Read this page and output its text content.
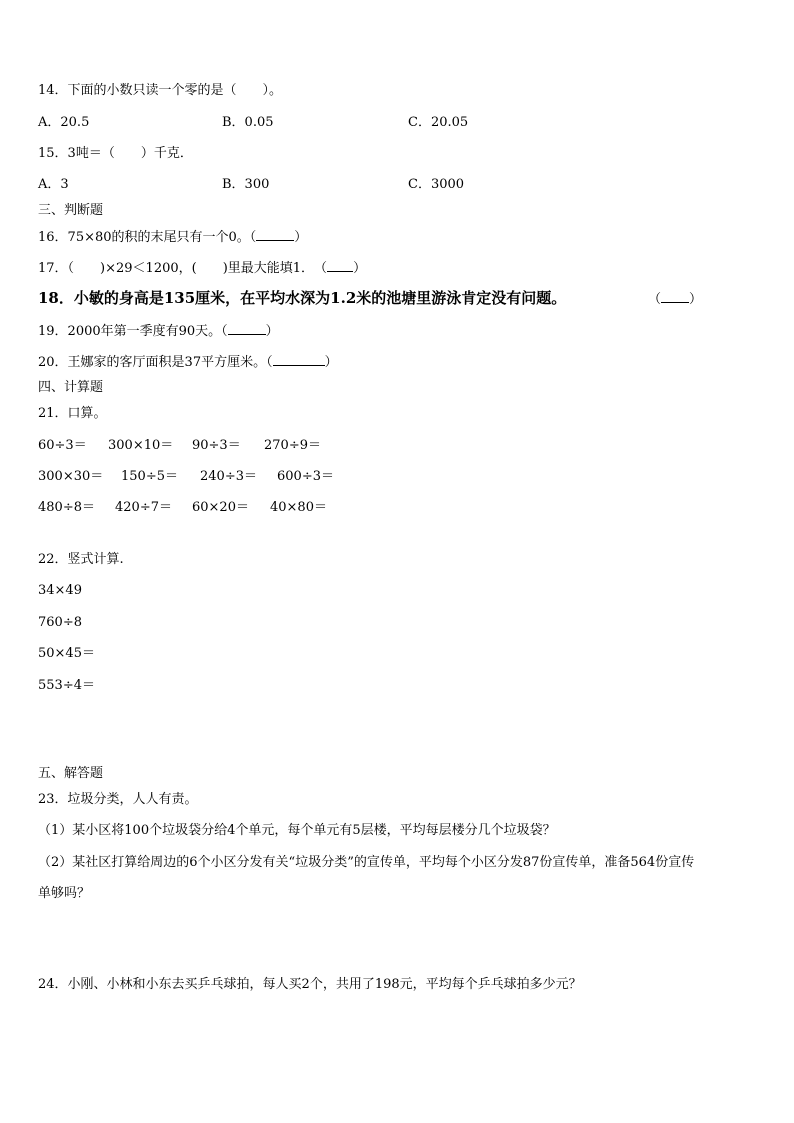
14．下面的小数只读一个零的是（　　）。
A．20.5	B．0.05	C．20.05
15．3吨＝（　　）千克．
A．3	B．300	C．3000
三、判断题
16．75×80的积的末尾只有一个0。（	）
17．（　　)×29＜1200，(　　)里最大能填1．　（ ）
18．小敏的身高是135厘米，在平均水深为1.2米的池塘里游泳肯定没有问题。	（ ）
19．2000年第一季度有90天。（	）
20．王娜家的客厅面积是37平方厘米。（	）
四、计算题
21．口算。
60÷3＝ 300×10＝ 90÷3＝ 270÷9＝
300×30＝ 150÷5＝ 240÷3＝ 600÷3＝
480÷8＝ 420÷7＝ 60×20＝ 40×80＝
22．竖式计算.
34×49
760÷8
50×45＝
553÷4＝
五、解答题
23．垃圾分类，人人有责。
（1）某小区将100个垃圾袋分给4个单元，每个单元有5层楼，平均每层楼分几个垃圾袋？
（2）某社区打算给周边的6个小区分发有关“垃圾分类”的宣传单，平均每个小区分发87份宣传单，准备564份宣传
单够吗？
24．小刚、小林和小东去买乒乓球拍，每人买2个，共用了198元，平均每个乒乓球拍多少元？
